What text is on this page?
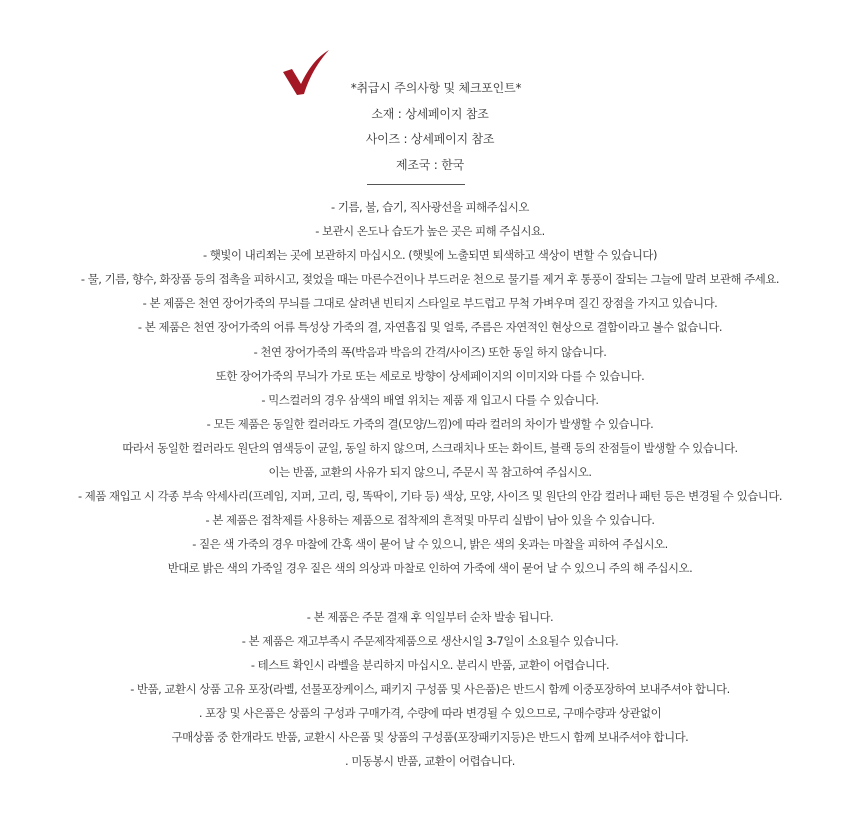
*취급시 주의사항 및 체크포인트*
소재 : 상세페이지 참조
사이즈 : 상세페이지 참조
제조국 : 한국
- 기름, 불, 습기, 직사광선을 피해주십시오
- 보관시 온도나 습도가 높은 곳은 피해 주십시요.
- 햇빛이 내리쬐는 곳에 보관하지 마십시오. (햇빛에 노출되면 퇴색하고 색상이 변할 수 있습니다)
- 물, 기름, 향수, 화장품 등의 접촉을 피하시고, 젖었을 때는 마른수건이나 부드러운 천으로 물기를 제거 후 통풍이 잘되는 그늘에 말려 보관해 주세요.
- 본 제품은 천연 장어가죽의 무늬를 그대로 살려낸 빈티지 스타일로 부드럽고 무척 가벼우며 질긴 장점을 가지고 있습니다.
- 본 제품은 천연 장어가죽의 어류 특성상 가죽의 결, 자연흠집 및 얼룩, 주름은 자연적인 현상으로 결함이라고 볼수 없습니다.
- 천연 장어가죽의 폭(박음과 박음의 간격/사이즈) 또한 동일 하지 않습니다.
또한 장어가죽의 무늬가 가로 또는 세로로 방향이 상세페이지의 이미지와 다를 수 있습니다.
- 믹스컬러의 경우 삼색의 배열 위치는 제품 재 입고시 다를 수 있습니다.
- 모든 제품은 동일한 컬러라도 가죽의 결(모양/느낌)에 따라 컬러의 차이가 발생할 수 있습니다.
따라서 동일한 컬러라도 원단의 염색등이 균일, 동일 하지 않으며, 스크래치나 또는 화이트, 블랙 등의 잔점들이 발생할 수 있습니다.
이는 반품, 교환의 사유가 되지 않으니, 주문시 꼭 참고하여 주십시오.
- 제품 재입고 시 각종 부속 악세사리(프레임, 지퍼, 고리, 링, 똑딱이, 기타 등) 색상, 모양, 사이즈 및 원단의 안감 컬러나 패턴 등은 변경될 수 있습니다.
- 본 제품은 접착제를 사용하는 제품으로 접착제의 흔적및 마무리 실밥이 남아 있을 수 있습니다.
- 짙은 색 가죽의 경우 마찰에 간혹 색이 묻어 날 수 있으니, 밝은 색의 옷과는 마찰을 피하여 주십시오.
반대로 밝은 색의 가죽일 경우 짙은 색의 의상과 마찰로 인하여 가죽에 색이 묻어 날 수 있으니 주의 해 주십시오.
- 본 제품은 주문 결재 후 익일부터 순차 발송 됩니다.
- 본 제품은 재고부족시 주문제작제품으로 생산시일 3-7일이 소요될수 있습니다.
- 테스트 확인시 라벨을 분리하지 마십시오. 분리시 반품, 교환이 어렵습니다.
- 반품, 교환시 상품 고유 포장(라벨, 선물포장케이스, 패키지 구성품 및 사은품)은 반드시 함께 이중포장하여 보내주셔야 합니다.
. 포장 및 사은품은 상품의 구성과 구매가격, 수량에 따라 변경될 수 있으므로, 구매수량과 상관없이
구매상품 중 한개라도 반품, 교환시 사은품 및 상품의 구성품(포장패키지등)은 반드시 함께 보내주셔야 합니다.
. 미동봉시 반품, 교환이 어렵습니다.
